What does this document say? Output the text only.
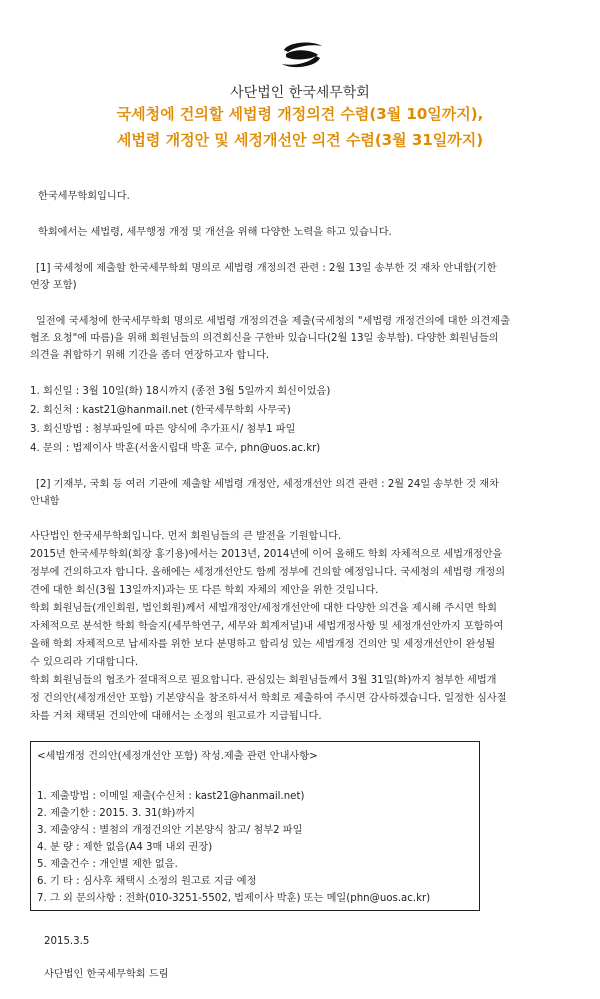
사단법인 한국세무학회
국세청에 건의할 세법령 개정의견 수렴(3월 10일까지),
세법령 개정안 및 세정개선안 의견 수렴(3월 31일까지)
한국세무학회입니다.
학회에서는 세법령, 세무행정 개정 및 개선을 위해 다양한 노력을 하고 있습니다.
[1] 국세청에 제출할 한국세무학회 명의로 세법령 개정의견 관련 : 2월 13일 송부한 것 재차 안내함(기한
연장 포함)
일전에 국세청에 한국세무학회 명의로 세법령 개정의견을 제출(국세청의 "세법령 개정건의에 대한 의견제출
협조 요청"에 따름)을 위해 회원님들의 의견회신을 구한바 있습니다(2월 13일 송부함). 다양한 회원님들의
의견을 취합하기 위해 기간을 좀더 연장하고자 합니다.
1. 회신일 : 3월 10일(화) 18시까지 (종전 3월 5일까지 회신이었음)
2. 회신처 : kast21@hanmail.net (한국세무학회 사무국)
3. 회신방법 : 첨부파일에 따른 양식에 추가표시/ 첨부1 파일
4. 문의 : 법제이사 박훈(서울시립대 박훈 교수, phn@uos.ac.kr)
[2] 기재부, 국회 등 여러 기관에 제출할 세법령 개정안, 세정개선안 의견 관련 : 2월 24일 송부한 것 재차
안내함
사단법인 한국세무학회입니다. 먼저 회원님들의 큰 발전을 기원합니다.
2015년 한국세무학회(회장 홍기용)에서는 2013년, 2014년에 이어 올해도 학회 자체적으로 세법개정안을
정부에 건의하고자 합니다. 올해에는 세정개선안도 함께 정부에 건의할 예정입니다. 국세청의 세법령 개정의
견에 대한 회신(3월 13일까지)과는 또 다른 학회 자체의 제안을 위한 것입니다.
학회 회원님들(개인회원, 법인회원)께서 세법개정안/세정개선안에 대한 다양한 의견을 제시해 주시면 학회
자체적으로 분석한 학회 학술지(세무학연구, 세무와 회계저널)내 세법개정사항 및 세정개선안까지 포함하여
올해 학회 자체적으로 납세자를 위한 보다 분명하고 합리성 있는 세법개정 건의안 및 세정개선안이 완성될
수 있으리라 기대합니다.
학회 회원님들의 협조가 절대적으로 필요합니다. 관심있는 회원님들께서 3월 31일(화)까지 첨부한 세법개
정 건의안(세정개선안 포함) 기본양식을 참조하셔서 학회로 제출하여 주시면 감사하겠습니다. 일정한 심사절
차를 거쳐 채택된 건의안에 대해서는 소정의 원고료가 지급됩니다.
<세법개정 건의안(세정개선안 포함) 작성.제출 관련 안내사항>
1. 제출방법 : 이메일 제출(수신처 : kast21@hanmail.net)
2. 제출기한 : 2015. 3. 31(화)까지
3. 제출양식 : 별첨의 개정건의안 기본양식 참고/ 첨부2 파일
4. 분 량 : 제한 없음(A4 3매 내외 권장)
5. 제출건수 : 개인별 제한 없음.
6. 기 타 : 심사후 채택시 소정의 원고료 지급 예정
7. 그 외 문의사항 : 전화(010-3251-5502, 법제이사 박훈) 또는 메일(phn@uos.ac.kr)
2015.3.5
사단법인 한국세무학회 드림
